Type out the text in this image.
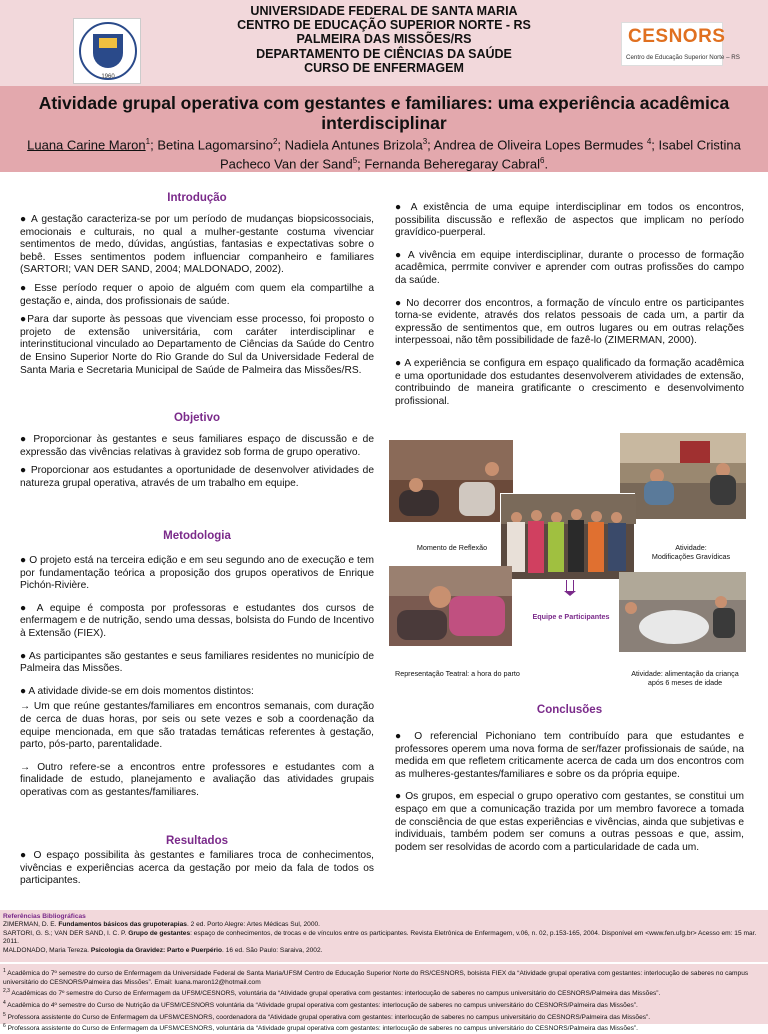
1960
UNIVERSIDADE FEDERAL DE SANTA MARIA
CENTRO DE EDUCAÇÃO SUPERIOR NORTE - RS
PALMEIRA DAS MISSÕES/RS
DEPARTAMENTO DE CIÊNCIAS DA SAÚDE
CURSO DE ENFERMAGEM
CESNORS
Centro de Educação Superior Norte – RS
Atividade grupal operativa com gestantes e familiares: uma experiência acadêmica interdisciplinar
Luana Carine Maron$^1$; Betina Lagomarsino$^2$; Nadiela Antunes Brizola$^3$; Andrea de Oliveira Lopes Bermudes $^4$; Isabel Cristina Pacheco Van der Sand$^5$; Fernanda Beheregaray Cabral$^6$.
Introdução

● A gestação caracteriza-se por um período de mudanças biopsicossociais, emocionais e culturais, no qual a mulher-gestante costuma vivenciar sentimentos de medo, dúvidas, angústias, fantasias e expectativas sobre o bebê. Esses sentimentos podem influenciar companheiro e familiares (SARTORI; VAN DER SAND, 2004; MALDONADO, 2002).

● Esse período requer o apoio de alguém com quem ela compartilhe a gestação e, ainda, dos profissionais de saúde.

●Para dar suporte às pessoas que vivenciam esse processo, foi proposto o projeto de extensão universitária, com caráter interdisciplinar e interinstitucional vinculado ao Departamento de Ciências da Saúde do Centro de Ensino Superior Norte do Rio Grande do Sul da Universidade Federal de Santa Maria e Secretaria Municipal de Saúde de Palmeira das Missões/RS.

Objetivo

● Proporcionar às gestantes e seus familiares espaço de discussão e de expressão das vivências relativas à gravidez sob forma de grupo operativo.

● Proporcionar aos estudantes a oportunidade de desenvolver atividades de natureza grupal operativa, através de um trabalho em equipe.

Metodologia

● O projeto está na terceira edição e em seu segundo ano de execução e tem por fundamentação teórica a proposição dos grupos operativos de Enrique Pichón-Rivière.

● A equipe é composta por professoras e estudantes dos cursos de enfermagem e de nutrição, sendo uma dessas, bolsista do Fundo de Incentivo à Extensão (FIEX).

● As participantes são gestantes e seus familiares residentes no município de Palmeira das Missões.

● A atividade divide-se em dois momentos distintos:

→ Um que reúne gestantes/familiares em encontros semanais, com duração de cerca de duas horas, por seis ou sete vezes e sob a coordenação da equipe mencionada, em que são tratadas temáticas referentes à gestação, parto, pós-parto, parentalidade.

→ Outro refere-se a encontros entre professores e estudantes com a finalidade de estudo, planejamento e avaliação das atividades grupais operativas com as gestantes/familiares.

Resultados

● O espaço possibilita às gestantes e familiares troca de conhecimentos, vivências e experiências acerca da gestação por meio da fala de todos os participantes.

● A existência de uma equipe interdisciplinar em todos os encontros, possibilita discussão e reflexão de aspectos que implicam no período gravídico-puerperal.

● A vivência em equipe interdisciplinar, durante o processo de formação acadêmica, perrmite conviver e aprender com outras profissões do campo da saúde.

● No decorrer dos encontros, a formação de vínculo entre os participantes torna-se evidente, através dos relatos pessoais de cada um, a partir da expressão de sentimentos que, em outros lugares ou em outras relações interpessoai, não têm possibilidade de fazê-lo (ZIMERMAN, 2000).

● A experiência se configura em espaço qualificado da formação acadêmica e uma oportunidade dos estudantes desenvolverem atividades de extensão, contribuindo de maneira gratificante o crescimento e desenvolvimento profissional.

Momento de Reflexão	Atividade:
Modificações Gravídicas
Equipe e Participantes
Representação Teatral: a hora do parto	Atividade: alimentação da criança
após 6 meses de idade
Conclusões

● O referencial Pichoniano tem contribuído para que estudantes e professores operem uma nova forma de ser/fazer profissionais de saúde, na medida em que refletem criticamente acerca de cada um dos encontros com as mulheres-gestantes/familiares e sobre os da própria equipe.

● Os grupos, em especial o grupo operativo com gestantes, se constitui um espaço em que a comunicação trazida por um membro favorece a tomada de consciência de que estas experiências e vivências, ainda que subjetivas e individuais, também podem ser comuns a outras pessoas e que, assim, podem ser resolvidas de acordo com a particularidade de cada um.

Referências Bibliográficas
ZIMERMAN, D. E. Fundamentos básicos das grupoterapias. 2 ed. Porto Alegre: Artes Médicas Sul, 2000.
SARTORI, G. S.; VAN DER SAND, I. C. P. Grupo de gestantes: espaço de conhecimentos, de trocas e de vínculos entre os participantes. Revista Eletrônica de Enfermagem, v.06, n. 02, p.153-165, 2004. Disponível em <www.fen.ufg.br> Acesso em: 15 mar. 2011.
MALDONADO, Maria Tereza. Psicologia da Gravidez: Parto e Puerpério. 16 ed. São Paulo: Saraiva, 2002.
$^1$ Acadêmica do 7º semestre do curso de Enfermagem da Universidade Federal de Santa Maria/UFSM Centro de Educação Superior Norte do RS/CESNORS, bolsista FIEX da “Atividade grupal operativa com gestantes: interlocução de saberes no campus universitário do CESNORS/Palmeira das Missões”. Email: luana.maron12@hotmail.com
$^{2,3}$ Acadêmicas do 7º semestre do Curso de Enfermagem da UFSM/CESNORS, voluntária da “Atividade grupal operativa com gestantes: interlocução de saberes no campus universitário do CESNORS/Palmeira das Missões”.
$^4$ Acadêmica do 4º semestre do Curso de Nutrição da UFSM/CESNORS voluntária da “Atividade grupal operativa com gestantes: interlocução de saberes no campus universitário do CESNORS/Palmeira das Missões”.
$^5$ Professora assistente do Curso de Enfermagem da UFSM/CESNORS, coordenadora da “Atividade grupal operativa com gestantes: interlocução de saberes no campus universitário do CESNORS/Palmeira das Missões”.
$^6$ Professora assistente do Curso de Enfermagem da UFSM/CESNORS, voluntária da “Atividade grupal operativa com gestantes: interlocução de saberes no campus universitário do CESNORS/Palmeira das Missões”.
